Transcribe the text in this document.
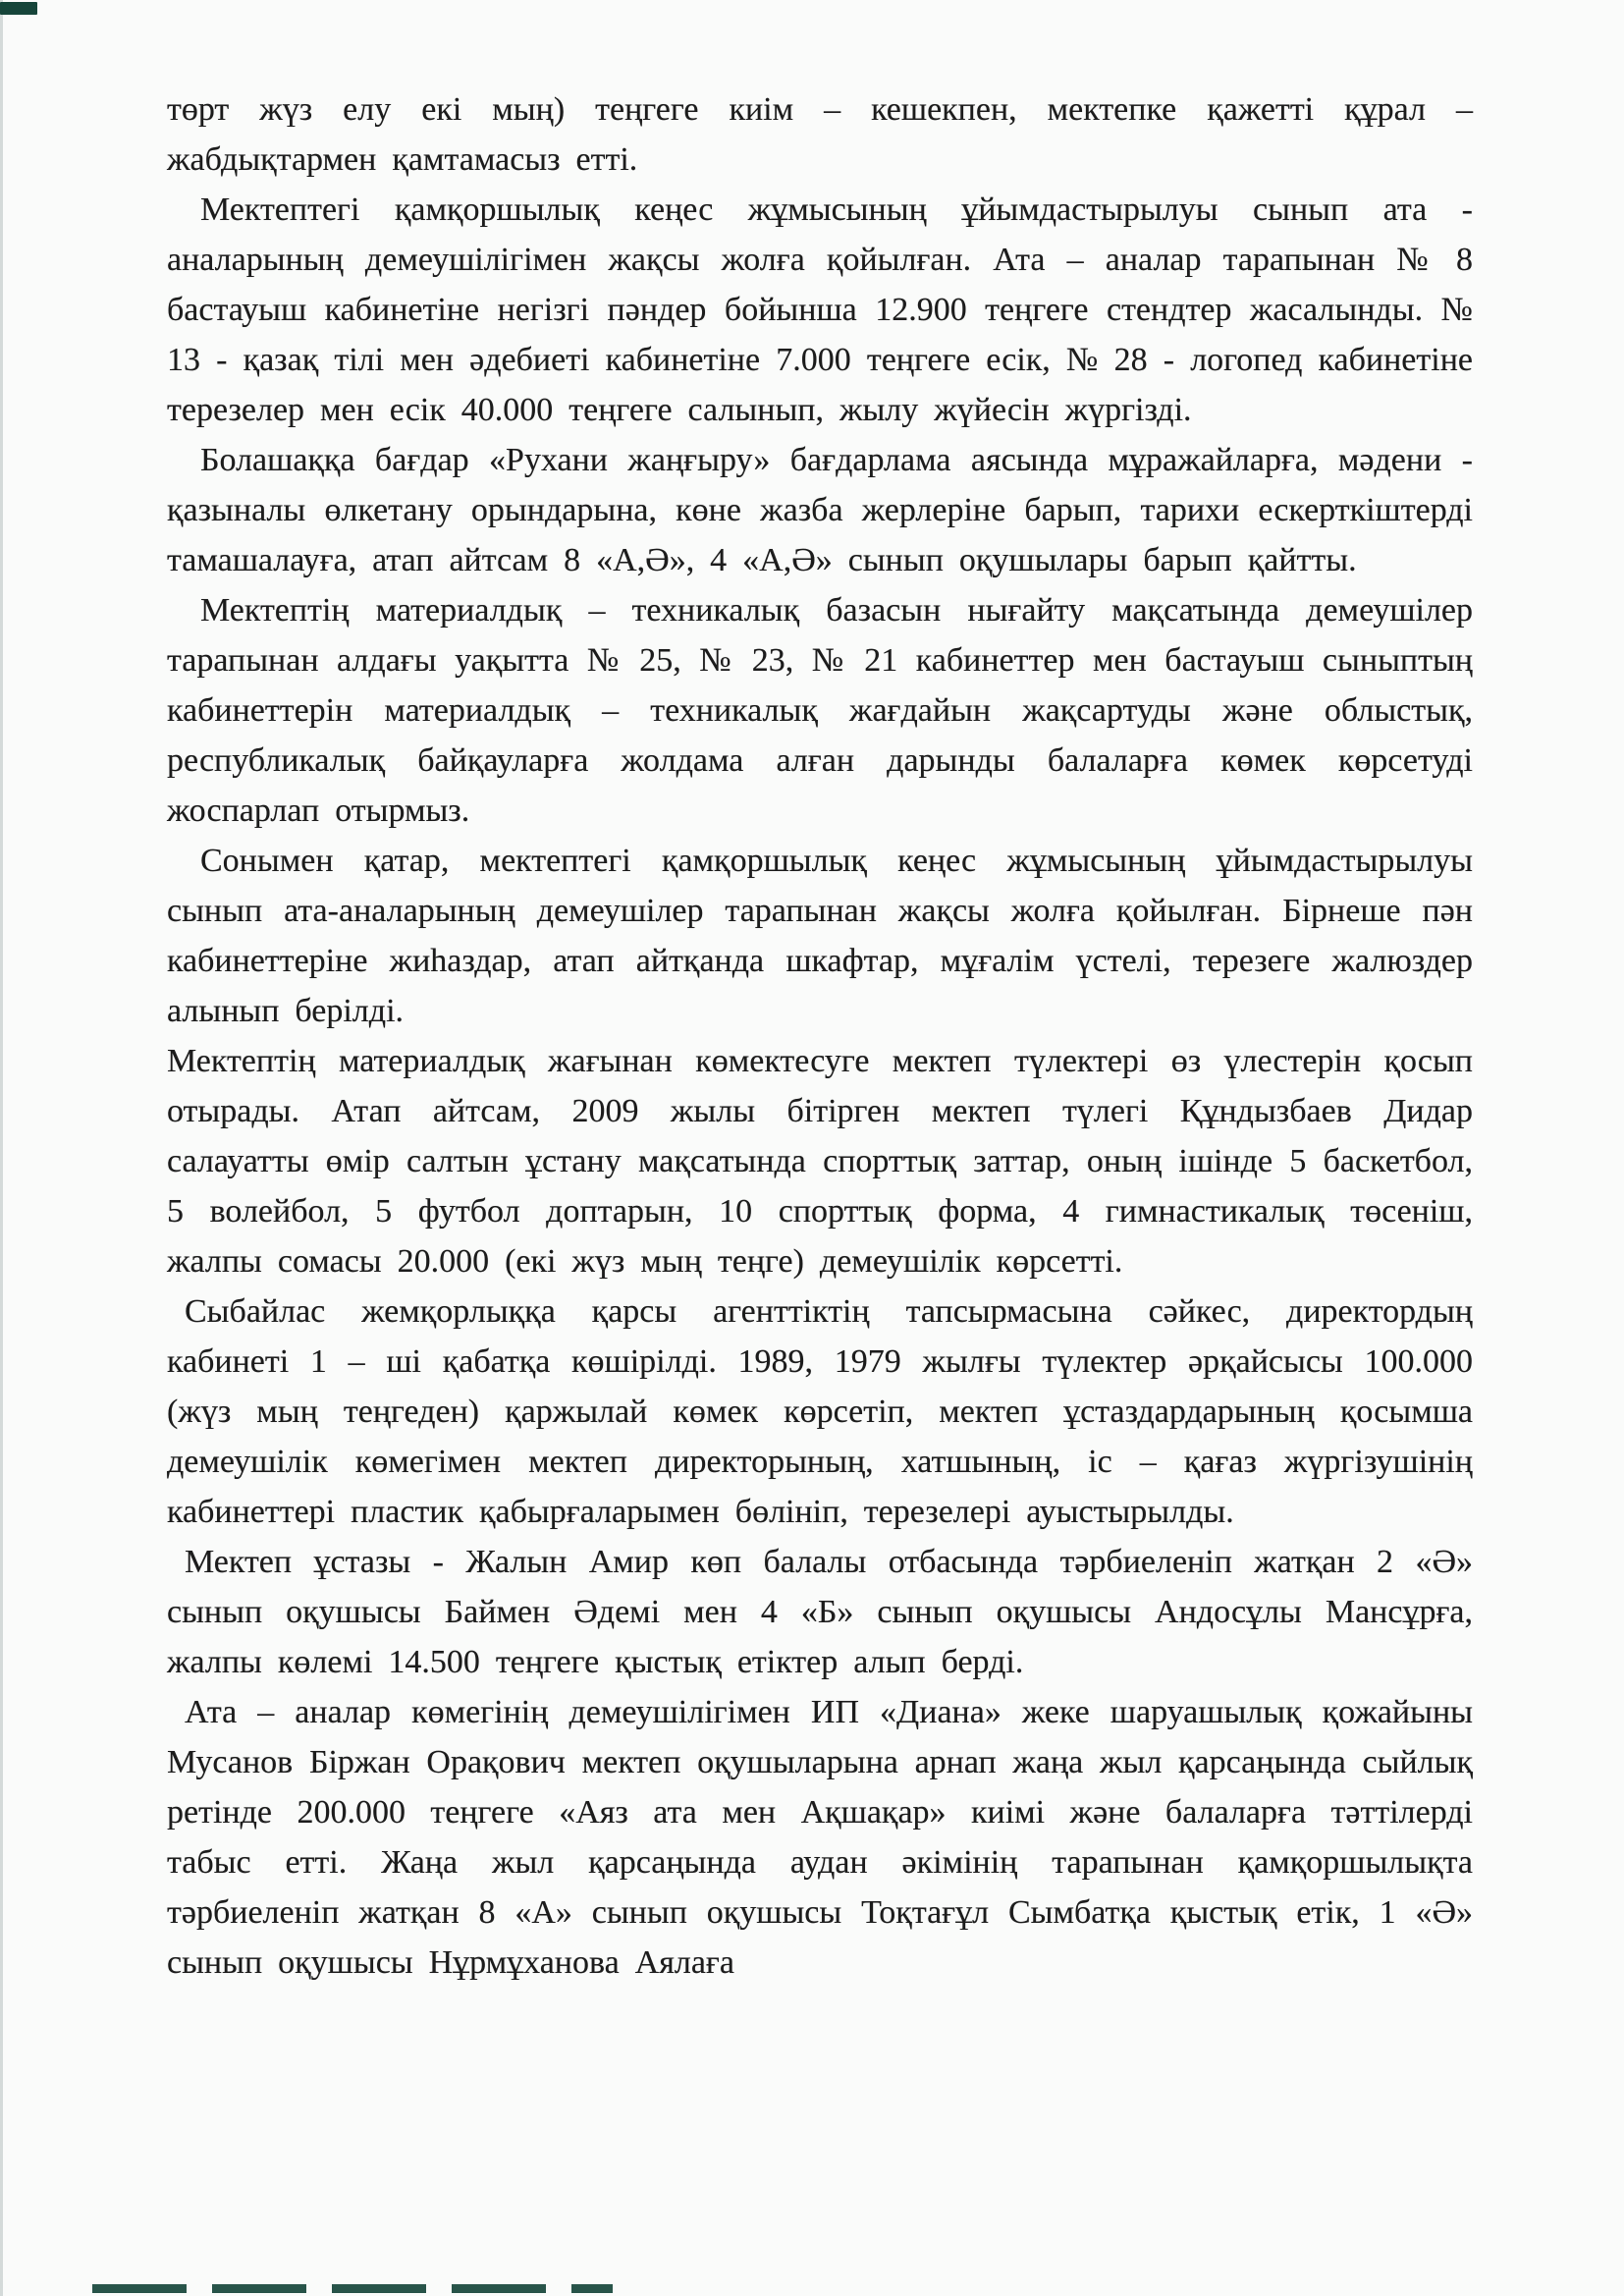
төрт жүз елу екі мың) теңгеге киім – кешекпен, мектепке қажетті құрал – жабдықтармен қамтамасыз етті.

Мектептегі қамқоршылық кеңес жұмысының ұйымдастырылуы сынып ата - аналарының демеушілігімен жақсы жолға қойылған. Ата – аналар тарапынан № 8 бастауыш кабинетіне негізгі пәндер бойынша 12.900 теңгеге стендтер жасалынды. № 13 - қазақ тілі мен әдебиеті кабинетіне 7.000 теңгеге есік, № 28 - логопед кабинетіне терезелер мен есік 40.000 теңгеге салынып, жылу жүйесін жүргізді.

Болашаққа бағдар «Рухани жаңғыру» бағдарлама аясында мұражайларға, мәдени - қазыналы өлкетану орындарына, көне жазба жерлеріне барып, тарихи ескерткіштерді тамашалауға, атап айтсам 8 «А,Ә», 4 «А,Ә» сынып оқушылары барып қайтты.

Мектептің материалдық – техникалық базасын нығайту мақсатында демеушілер тарапынан алдағы уақытта № 25, № 23, № 21 кабинеттер мен бастауыш сыныптың кабинеттерін материалдық – техникалық жағдайын жақсартуды және облыстық, республикалық байқауларға жолдама алған дарынды балаларға көмек көрсетуді жоспарлап отырмыз.

Сонымен қатар, мектептегі қамқоршылық кеңес жұмысының ұйымдастырылуы сынып ата-аналарының демеушілер тарапынан жақсы жолға қойылған. Бірнеше пән кабинеттеріне жиһаздар, атап айтқанда шкафтар, мұғалім үстелі, терезеге жалюздер алынып берілді.

Мектептің материалдық жағынан көмектесуге мектеп түлектері өз үлестерін қосып отырады. Атап айтсам, 2009 жылы бітірген мектеп түлегі Құндызбаев Дидар салауатты өмір салтын ұстану мақсатында спорттық заттар, оның ішінде 5 баскетбол, 5 волейбол, 5 футбол доптарын, 10 спорттық форма, 4 гимнастикалық төсеніш, жалпы сомасы 20.000 (екі жүз мың теңге) демеушілік көрсетті.

Сыбайлас жемқорлыққа қарсы агенттіктің тапсырмасына сәйкес, директордың кабинеті 1 – ші қабатқа көшірілді. 1989, 1979 жылғы түлектер әрқайсысы 100.000 (жүз мың теңгеден) қаржылай көмек көрсетіп, мектеп ұстаздардарының қосымша демеушілік көмегімен мектеп директорының, хатшының, іс – қағаз жүргізушінің кабинеттері пластик қабырғаларымен бөлініп, терезелері ауыстырылды.

Мектеп ұстазы - Жалын Амир көп балалы отбасында тәрбиеленіп жатқан 2 «Ә» сынып оқушысы Баймен Әдемі мен 4 «Б» сынып оқушысы Андосұлы Мансұрға, жалпы көлемі 14.500 теңгеге қыстық етіктер алып берді.

Ата – аналар көмегінің демеушілігімен ИП «Диана» жеке шаруашылық қожайыны Мусанов Біржан Орақович мектеп оқушыларына арнап жаңа жыл қарсаңында сыйлық ретінде 200.000 теңгеге «Аяз ата мен Ақшақар» киімі және балаларға тәттілерді табыс етті. Жаңа жыл қарсаңында аудан әкімінің тарапынан қамқоршылықта тәрбиеленіп жатқан 8 «А» сынып оқушысы Тоқтағұл Сымбатқа қыстық етік, 1 «Ә» сынып оқушысы Нұрмұханова Аялаға
